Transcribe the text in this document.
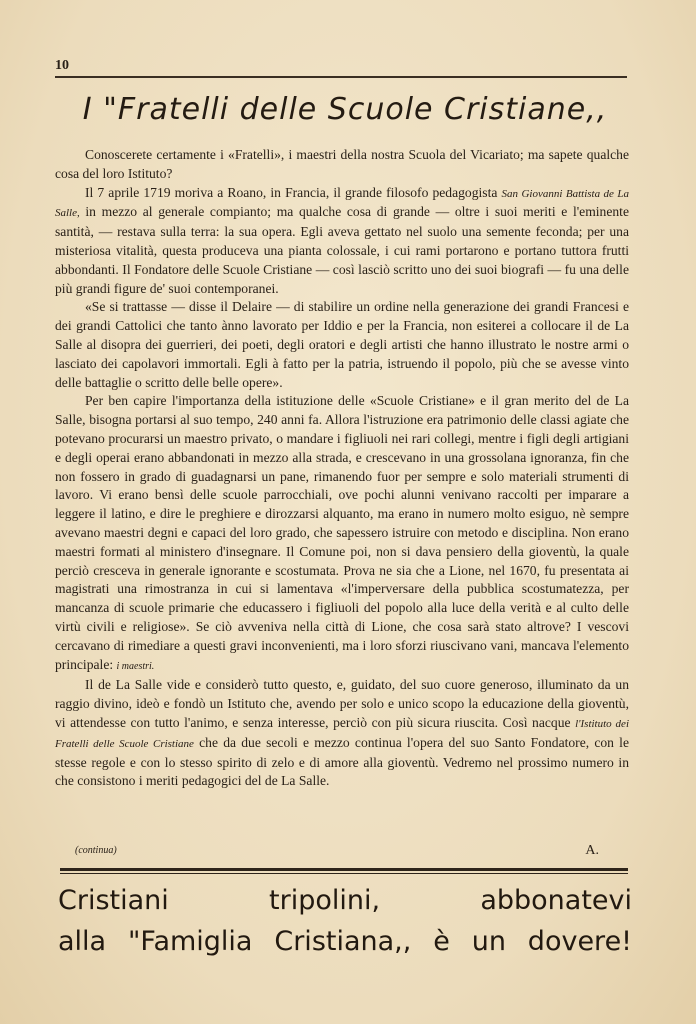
10
I "Fratelli delle Scuole Cristiane,,

Conoscerete certamente i «Fratelli», i maestri della nostra Scuola del Vicariato; ma sapete qualche cosa del loro Istituto?

Il 7 aprile 1719 moriva a Roano, in Francia, il grande filosofo pedagogista San Giovanni Battista de La Salle, in mezzo al generale compianto; ma qualche cosa di grande — oltre i suoi meriti e l'eminente santità, — restava sulla terra: la sua opera. Egli aveva gettato nel suolo una semente feconda; per una misteriosa vitalità, questa produceva una pianta colossale, i cui rami portarono e portano tuttora frutti abbondanti. Il Fondatore delle Scuole Cristiane — così lasciò scritto uno dei suoi biografi — fu una delle più grandi figure de' suoi contemporanei.

«Se si trattasse — disse il Delaire — di stabilire un ordine nella generazione dei grandi Francesi e dei grandi Cattolici che tanto ànno lavorato per Iddio e per la Francia, non esiterei a collocare il de La Salle al disopra dei guerrieri, dei poeti, degli oratori e degli artisti che hanno illustrato le nostre armi o lasciato dei capolavori immortali. Egli à fatto per la patria, istruendo il popolo, più che se avesse vinto delle battaglie o scritto delle belle opere».

Per ben capire l'importanza della istituzione delle «Scuole Cristiane» e il gran merito del de La Salle, bisogna portarsi al suo tempo, 240 anni fa. Allora l'istruzione era patrimonio delle classi agiate che potevano procurarsi un maestro privato, o mandare i figliuoli nei rari collegi, mentre i figli degli artigiani e degli operai erano abbandonati in mezzo alla strada, e crescevano in una grossolana ignoranza, fin che non fossero in grado di guadagnarsi un pane, rimanendo fuor per sempre e solo materiali strumenti di lavoro. Vi erano bensì delle scuole parrocchiali, ove pochi alunni venivano raccolti per imparare a leggere il latino, e dire le preghiere e dirozzarsi alquanto, ma erano in numero molto esiguo, nè sempre avevano maestri degni e capaci del loro grado, che sapessero istruire con metodo e disciplina. Non erano maestri formati al ministero d'insegnare. Il Comune poi, non si dava pensiero della gioventù, la quale perciò cresceva in generale ignorante e scostumata. Prova ne sia che a Lione, nel 1670, fu presentata ai magistrati una rimostranza in cui si lamentava «l'imperversare della pubblica scostumatezza, per mancanza di scuole primarie che educassero i figliuoli del popolo alla luce della verità e al culto delle virtù civili e religiose». Se ciò avveniva nella città di Lione, che cosa sarà stato altrove? I vescovi cercavano di rimediare a questi gravi inconvenienti, ma i loro sforzi riuscivano vani, mancava l'elemento principale: i maestri.

Il de La Salle vide e considerò tutto questo, e, guidato, del suo cuore generoso, illuminato da un raggio divino, ideò e fondò un Istituto che, avendo per solo e unico scopo la educazione della gioventù, vi attendesse con tutto l'animo, e senza interesse, perciò con più sicura riuscita. Così nacque l'Istituto dei Fratelli delle Scuole Cristiane che da due secoli e mezzo continua l'opera del suo Santo Fondatore, con le stesse regole e con lo stesso spirito di zelo e di amore alla gioventù. Vedremo nel prossimo numero in che consistono i meriti pedagogici del de La Salle.

(continua)	A.
Cristiani tripolini, abbonatevi
alla "Famiglia Cristiana,, è un dovere!
